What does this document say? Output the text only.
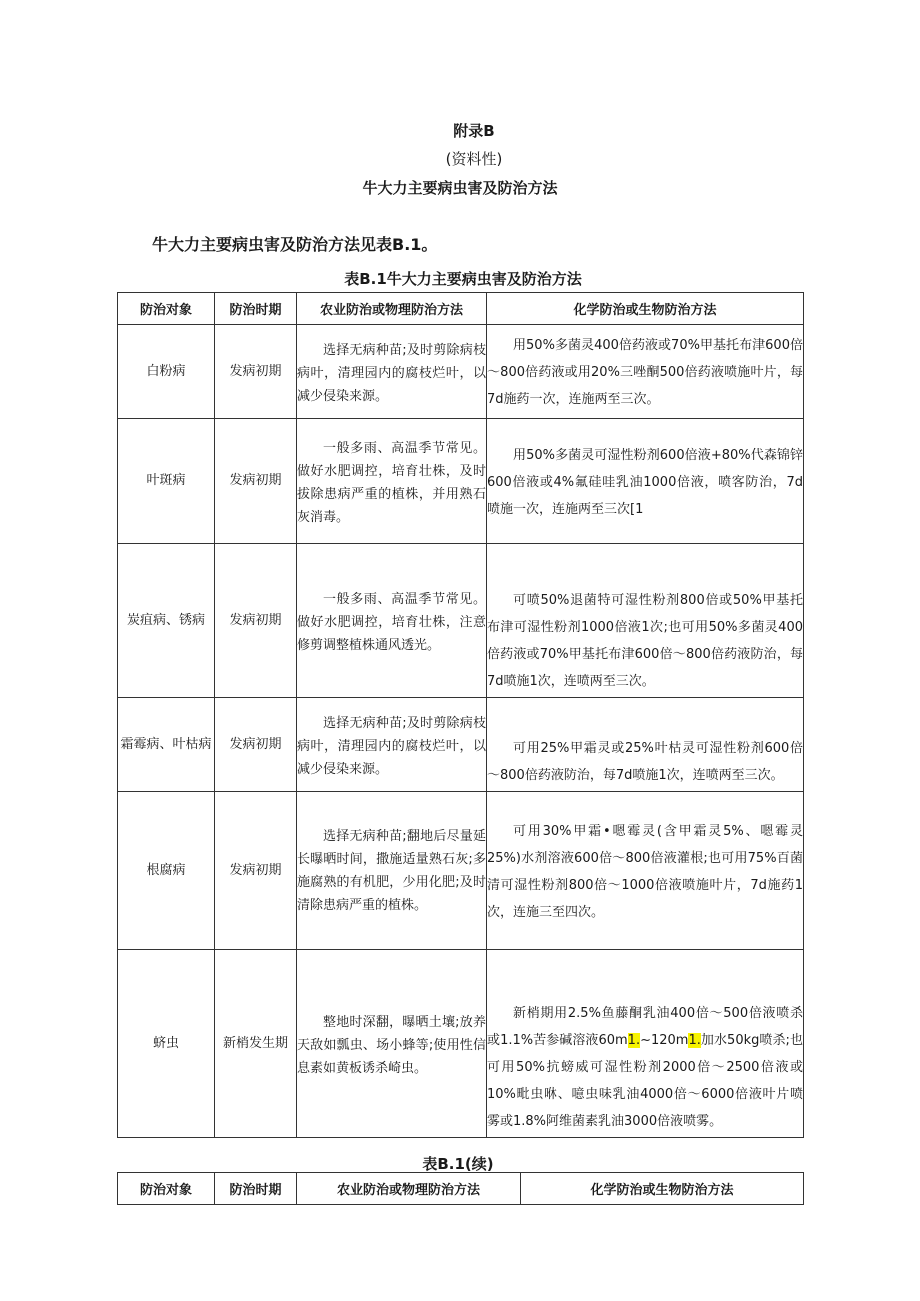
附录B
(资料性)
牛大力主要病虫害及防治方法
牛大力主要病虫害及防治方法见表B.1。
表B.1牛大力主要病虫害及防治方法
防治对象	防治时期	农业防治或物理防治方法	化学防治或生物防治方法
白粉病	发病初期	选择无病种苗;及时剪除病枝病叶，清理园内的腐枝烂叶，以减少侵染来源。	用50%多菌灵400倍药液或70%甲基托布津600倍～800倍药液或用20%三唑酮500倍药液喷施叶片，每7d施药一次，连施两至三次。

叶斑病	发病初期	一般多雨、高温季节常见。做好水肥调控，培育壮株，及时拔除患病严重的植株，并用熟石灰消毒。	用50%多菌灵可湿性粉剂600倍液+80%代森锦锌600倍液或4%氟硅哇乳油1000倍液，喷客防治，7d喷施一次，连施两至三次[1

炭疽病、锈病	发病初期	一般多雨、高温季节常见。做好水肥调控，培育壮株，注意修剪调整植株通风透光。	可喷50%退菌特可湿性粉剂800倍或50%甲基托布津可湿性粉剂1000倍液1次;也可用50%多菌灵400倍药液或70%甲基托布津600倍～800倍药液防治，每7d喷施1次，连喷两至三次。

霜霉病、叶枯病	发病初期	选择无病种苗;及时剪除病枝病叶，清理园内的腐枝烂叶，以减少侵染来源。	可用25%甲霜灵或25%叶枯灵可湿性粉剂600倍～800倍药液防治，每7d喷施1次，连喷两至三次。

根腐病	发病初期	选择无病种苗;翻地后尽量延长曝晒时间，撒施适量熟石灰;多施腐熟的有机肥，少用化肥;及时清除患病严重的植株。	可用30%甲霜•嗯霉灵(含甲霜灵5%、嗯霉灵25%)水剂溶液600倍～800倍液灌根;也可用75%百菌清可湿性粉剂800倍～1000倍液喷施叶片，7d施药1次，连施三至四次。

蛴虫	新梢发生期	整地时深翻，曝晒土壤;放养天敌如瓢虫、场小蜂等;使用性信息素如黄板诱杀崎虫。	新梢期用2.5%鱼藤酮乳油400倍～500倍液喷杀或1.1%苦参碱溶液60m1.~120m1.加水50kg喷杀;也可用50%抗螃威可湿性粉剂2000倍～2500倍液或10%毗虫咻、噫虫味乳油4000倍～6000倍液叶片喷雾或1.8%阿维菌素乳油3000倍液喷雾。

表B.1(续)
防治对象	防治时期	农业防治或物理防治方法	化学防治或生物防治方法
